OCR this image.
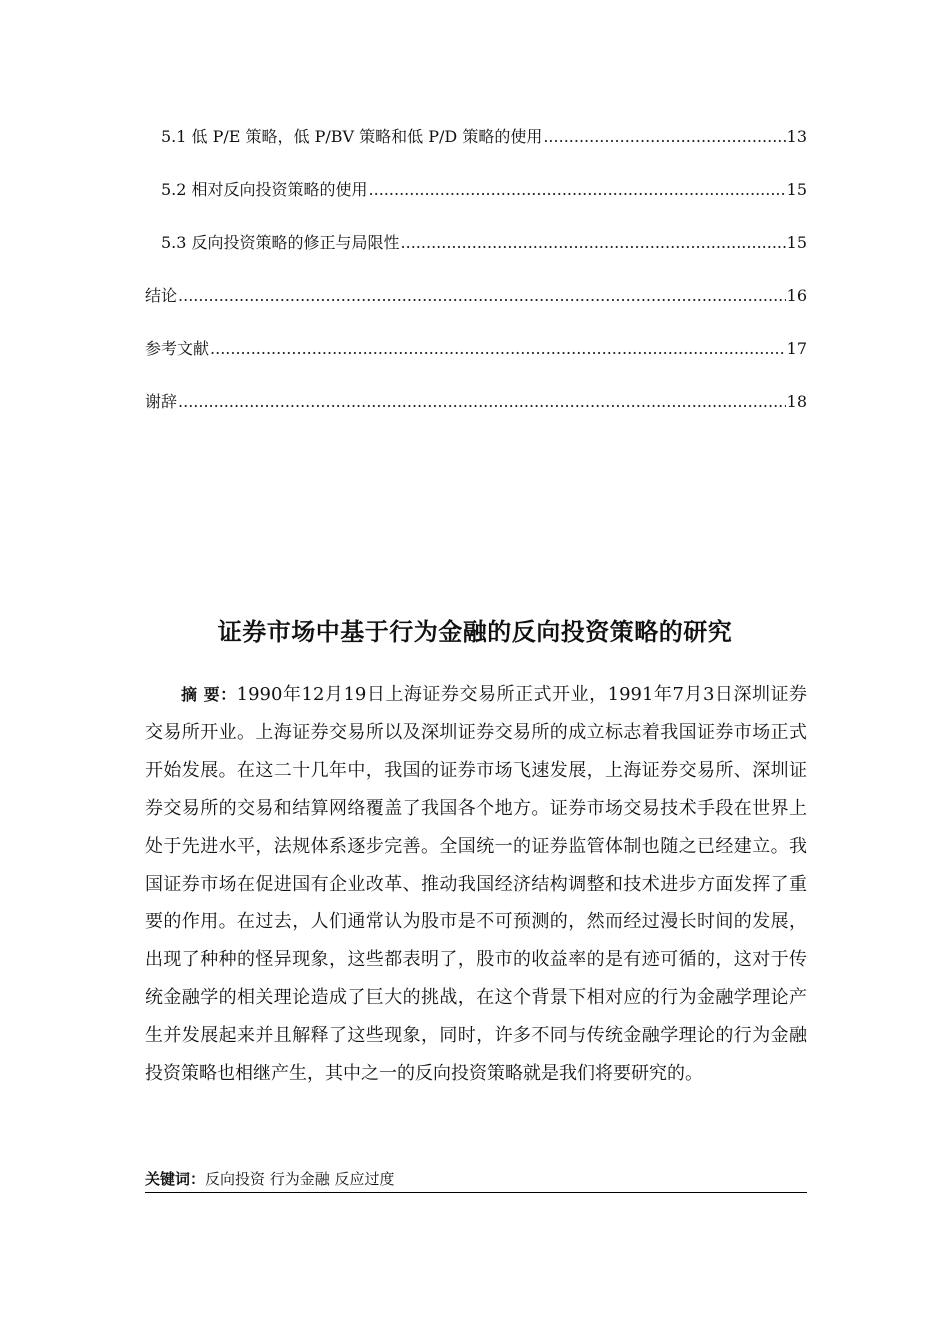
5.1 低 P/E 策略，低 P/BV 策略和低 P/D 策略的使用 .....	13
5.2 相对反向投资策略的使用 .....	15
5.3 反向投资策略的修正与局限性 .....	15
结论 .....	16
参考文献 .....	17
谢辞 .....	18
证券市场中基于行为金融的反向投资策略的研究
摘 要：1990年12月19日上海证券交易所正式开业，1991年7月3日深圳证券交易所开业。上海证券交易所以及深圳证券交易所的成立标志着我国证券市场正式开始发展。在这二十几年中，我国的证券市场飞速发展，上海证券交易所、深圳证券交易所的交易和结算网络覆盖了我国各个地方。证券市场交易技术手段在世界上处于先进水平，法规体系逐步完善。全国统一的证券监管体制也随之已经建立。我国证券市场在促进国有企业改革、推动我国经济结构调整和技术进步方面发挥了重要的作用。在过去，人们通常认为股市是不可预测的，然而经过漫长时间的发展，出现了种种的怪异现象，这些都表明了，股市的收益率的是有迹可循的，这对于传统金融学的相关理论造成了巨大的挑战，在这个背景下相对应的行为金融学理论产生并发展起来并且解释了这些现象，同时，许多不同与传统金融学理论的行为金融投资策略也相继产生，其中之一的反向投资策略就是我们将要研究的。
关键词：反向投资 行为金融 反应过度
